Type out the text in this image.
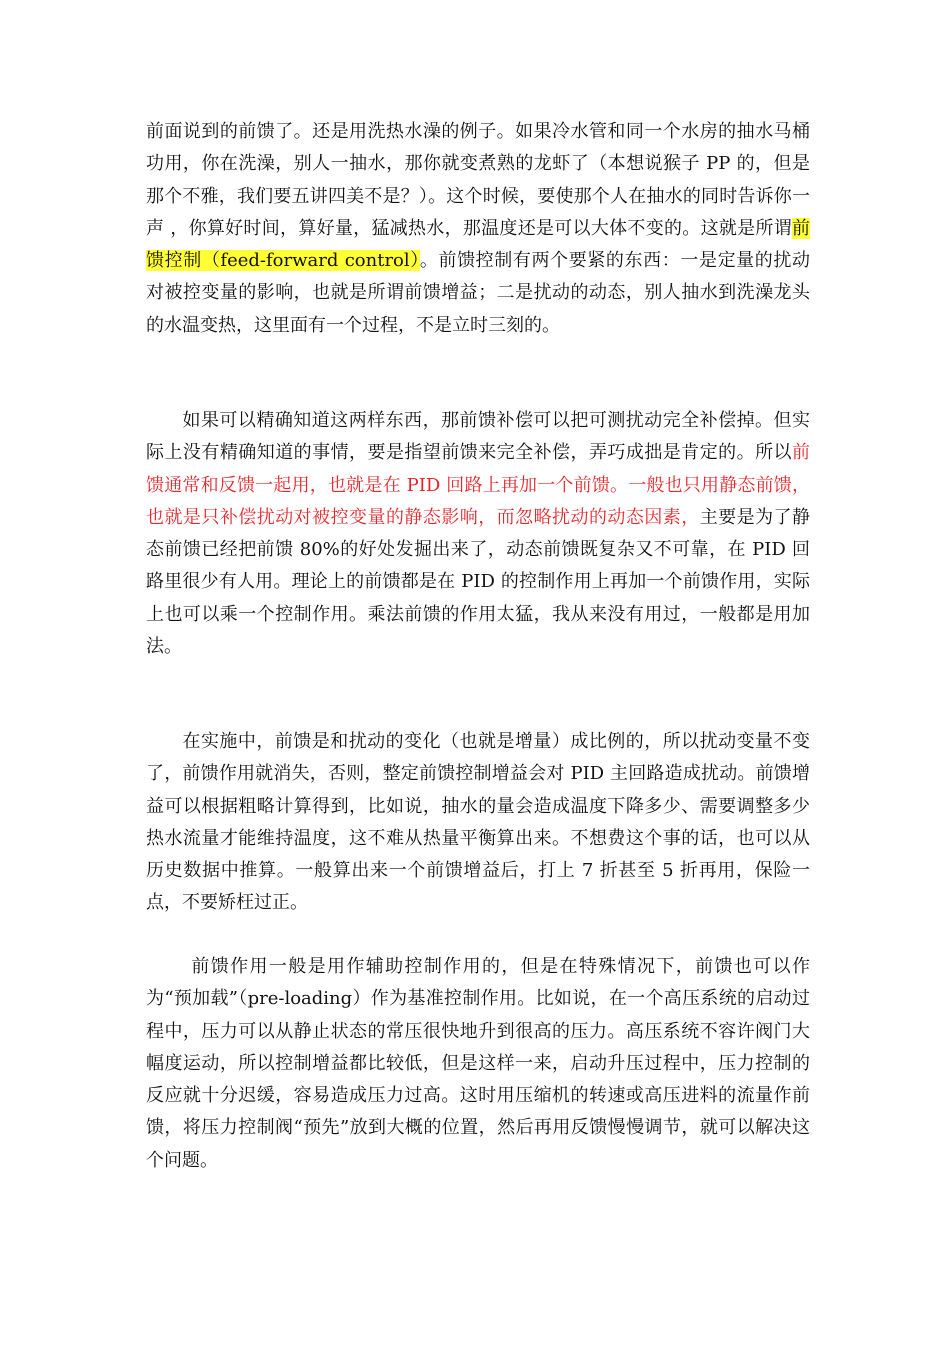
前面说到的前馈了。还是用洗热水澡的例子。如果冷水管和同一个水房的抽水马桶功用，你在洗澡，别人一抽水，那你就变煮熟的龙虾了（本想说猴子 PP 的，但是那个不雅，我们要五讲四美不是？）。这个时候，要使那个人在抽水的同时告诉你一声 ，你算好时间，算好量，猛减热水，那温度还是可以大体不变的。这就是所谓前馈控制（feed-forward control）。前馈控制有两个要紧的东西：一是定量的扰动对被控变量的影响，也就是所谓前馈增益；二是扰动的动态，别人抽水到洗澡龙头的水温变热，这里面有一个过程，不是立时三刻的。

如果可以精确知道这两样东西，那前馈补偿可以把可测扰动完全补偿掉。但实际上没有精确知道的事情，要是指望前馈来完全补偿，弄巧成拙是肯定的。所以前馈通常和反馈一起用，也就是在 PID 回路上再加一个前馈。一般也只用静态前馈，也就是只补偿扰动对被控变量的静态影响，而忽略扰动的动态因素，主要是为了静态前馈已经把前馈 80%的好处发掘出来了，动态前馈既复杂又不可靠，在 PID 回路里很少有人用。理论上的前馈都是在 PID 的控制作用上再加一个前馈作用，实际上也可以乘一个控制作用。乘法前馈的作用太猛，我从来没有用过，一般都是用加法。

在实施中，前馈是和扰动的变化（也就是增量）成比例的，所以扰动变量不变了，前馈作用就消失，否则，整定前馈控制增益会对 PID 主回路造成扰动。前馈增益可以根据粗略计算得到，比如说，抽水的量会造成温度下降多少、需要调整多少热水流量才能维持温度，这不难从热量平衡算出来。不想费这个事的话，也可以从历史数据中推算。一般算出来一个前馈增益后，打上 7 折甚至 5 折再用，保险一点，不要矫枉过正。

前馈作用一般是用作辅助控制作用的，但是在特殊情况下，前馈也可以作为“预加载”（pre-loading）作为基准控制作用。比如说，在一个高压系统的启动过程中，压力可以从静止状态的常压很快地升到很高的压力。高压系统不容许阀门大幅度运动，所以控制增益都比较低，但是这样一来，启动升压过程中，压力控制的反应就十分迟缓，容易造成压力过高。这时用压缩机的转速或高压进料的流量作前馈，将压力控制阀“预先”放到大概的位置，然后再用反馈慢慢调节，就可以解决这个问题。
